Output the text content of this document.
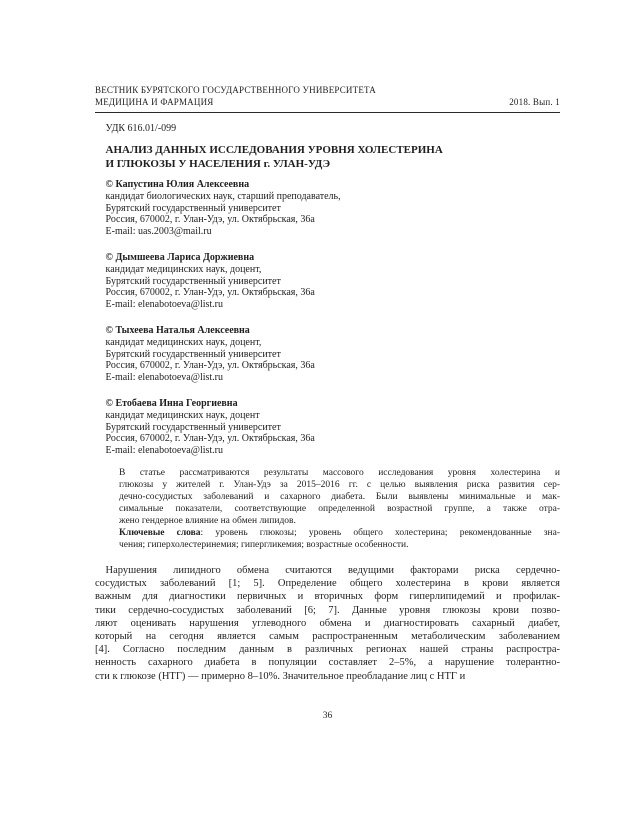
ВЕСТНИК БУРЯТСКОГО ГОСУДАРСТВЕННОГО УНИВЕРСИТЕТА
МЕДИЦИНА И ФАРМАЦИЯ	2018. Вып. 1
УДК 616.01/-099
АНАЛИЗ ДАННЫХ ИССЛЕДОВАНИЯ УРОВНЯ ХОЛЕСТЕРИНА
И ГЛЮКОЗЫ У НАСЕЛЕНИЯ г. УЛАН-УДЭ
© Капустина Юлия Алексеевна
кандидат биологических наук, старший преподаватель,
Бурятский государственный университет
Россия, 670002, г. Улан-Удэ, ул. Октябрьская, 36а
E-mail: uas.2003@mail.ru
© Дымшеева Лариса Доржиевна
кандидат медицинских наук, доцент,
Бурятский государственный университет
Россия, 670002, г. Улан-Удэ, ул. Октябрьская, 36а
E-mail: elenabotoeva@list.ru
© Тыхеева Наталья Алексеевна
кандидат медицинских наук, доцент,
Бурятский государственный университет
Россия, 670002, г. Улан-Удэ, ул. Октябрьская, 36а
E-mail: elenabotoeva@list.ru
© Етобаева Инна Георгиевна
кандидат медицинских наук, доцент
Бурятский государственный университет
Россия, 670002, г. Улан-Удэ, ул. Октябрьская, 36а
E-mail: elenabotoeva@list.ru
В статье рассматриваются результаты массового исследования уровня холестерина и
глюкозы у жителей г. Улан-Удэ за 2015–2016 гг. с целью выявления риска развития сер-
дечно-сосудистых заболеваний и сахарного диабета. Были выявлены минимальные и мак-
симальные показатели, соответствующие определенной возрастной группе, а также отра-
жено гендерное влияние на обмен липидов.
Ключевые слова: уровень глюкозы; уровень общего холестерина; рекомендованные зна-
чения; гиперхолестеринемия; гипергликемия; возрастные особенности.
Нарушения липидного обмена считаются ведущими факторами риска сердечно-
сосудистых заболеваний [1; 5]. Определение общего холестерина в крови является
важным для диагностики первичных и вторичных форм гиперлипидемий и профилак-
тики сердечно-сосудистых заболеваний [6; 7]. Данные уровня глюкозы крови позво-
ляют оценивать нарушения углеводного обмена и диагностировать сахарный диабет,
который на сегодня является самым распространенным метаболическим заболеванием
[4]. Согласно последним данным в различных регионах нашей страны распростра-
ненность сахарного диабета в популяции составляет 2–5%, а нарушение толерантно-
сти к глюкозе (НТГ) — примерно 8–10%. Значительное преобладание лиц с НТГ и
36
